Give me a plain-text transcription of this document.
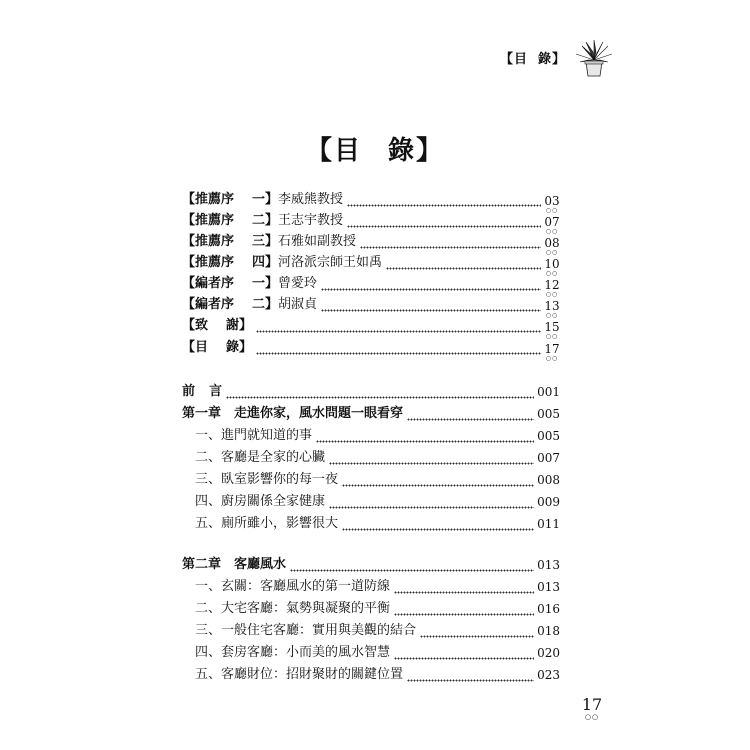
【目 錄】
【目 錄】
【推薦序 一】李威熊教授	03
○○
【推薦序 二】王志宇教授	07
○○
【推薦序 三】石雅如副教授	08
○○
【推薦序 四】河洛派宗師王如禹	10
○○
【編者序 一】曾愛玲	12
○○
【編者序 二】胡淑貞	13
○○
【致 謝】	15
○○
【目 錄】	17
○○
前 言	001
第一章　走進你家，風水問題一眼看穿	005
一、進門就知道的事	005
二、客廳是全家的心臟	007
三、臥室影響你的每一夜	008
四、廚房關係全家健康	009
五、廁所雖小，影響很大	011
第二章　客廳風水	013
一、玄關：客廳風水的第一道防線	013
二、大宅客廳：氣勢與凝聚的平衡	016
三、一般住宅客廳：實用與美觀的結合	018
四、套房客廳：小而美的風水智慧	020
五、客廳財位：招財聚財的關鍵位置	023
17
○○
